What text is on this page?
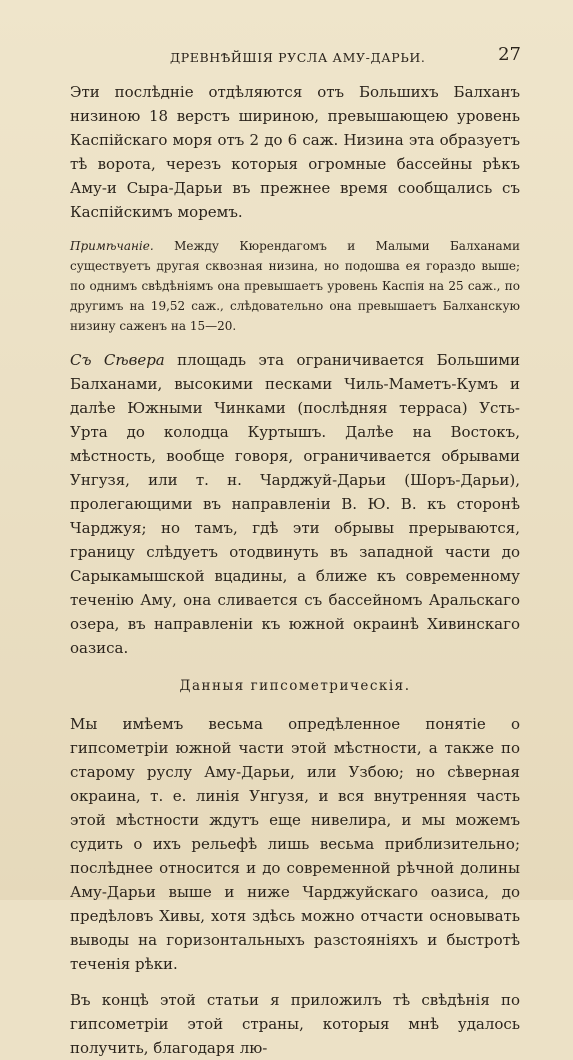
ДРЕВНѢЙШІЯ РУСЛА АМУ-ДАРЬИ.	27

Эти послѣдніе отдѣляются отъ Большихъ Балханъ низиною 18 верстъ шириною, превышающею уровень Каспійскаго моря отъ 2 до 6 саж. Низина эта образуетъ тѣ ворота, черезъ которыя огромные бассейны рѣкъ Аму-и Сыра-Дарьи въ прежнее время сообщались съ Каспійскимъ моремъ.

Примѣчаніе. Между Кюрендагомъ и Малыми Балханами существуетъ другая сквозная низина, но подошва ея гораздо выше; по однимъ свѣдѣніямъ она превышаетъ уровень Каспія на 25 саж., по другимъ на 19,52 саж., слѣдовательно она превышаетъ Балханскую низину саженъ на 15—20.

Съ Сѣвера площадь эта ограничивается Большими Балханами, высокими песками Чиль-Маметъ-Кумъ и далѣе Южными Чинками (послѣдняя терраса) Усть-Урта до колодца Куртышъ. Далѣе на Востокъ, мѣстность, вообще говоря, ограничивается обрывами Унгузя, или т. н. Чарджуй-Дарьи (Шоръ-Дарьи), пролегающими въ направленіи В. Ю. В. къ сторонѣ Чарджуя; но тамъ, гдѣ эти обрывы прерываются, границу слѣдуетъ отодвинуть въ западной части до Сарыкамышской вцадины, а ближе къ современному теченію Аму, она сливается съ бассейномъ Аральскаго озера, въ направленіи къ южной окраинѣ Хивинскаго оазиса.

Данныя гипсометрическія.

Мы имѣемъ весьма опредѣленное понятіе о гипсометріи южной части этой мѣстности, а также по старому руслу Аму-Дарьи, или Узбою; но сѣверная окраина, т. е. линія Унгузя, и вся внутренняя часть этой мѣстности ждутъ еще нивелира, и мы можемъ судить о ихъ рельефѣ лишь весьма приблизительно; послѣднее относится и до современной рѣчной долины Аму-Дарьи выше и ниже Чарджуйскаго оазиса, до предѣловъ Хивы, хотя здѣсь можно отчасти основывать выводы на горизонтальныхъ разстояніяхъ и быстротѣ теченія рѣки.

Въ концѣ этой статьи я приложилъ тѣ свѣдѣнія по гипсометріи этой страны, которыя мнѣ удалось получить, благодаря лю-
